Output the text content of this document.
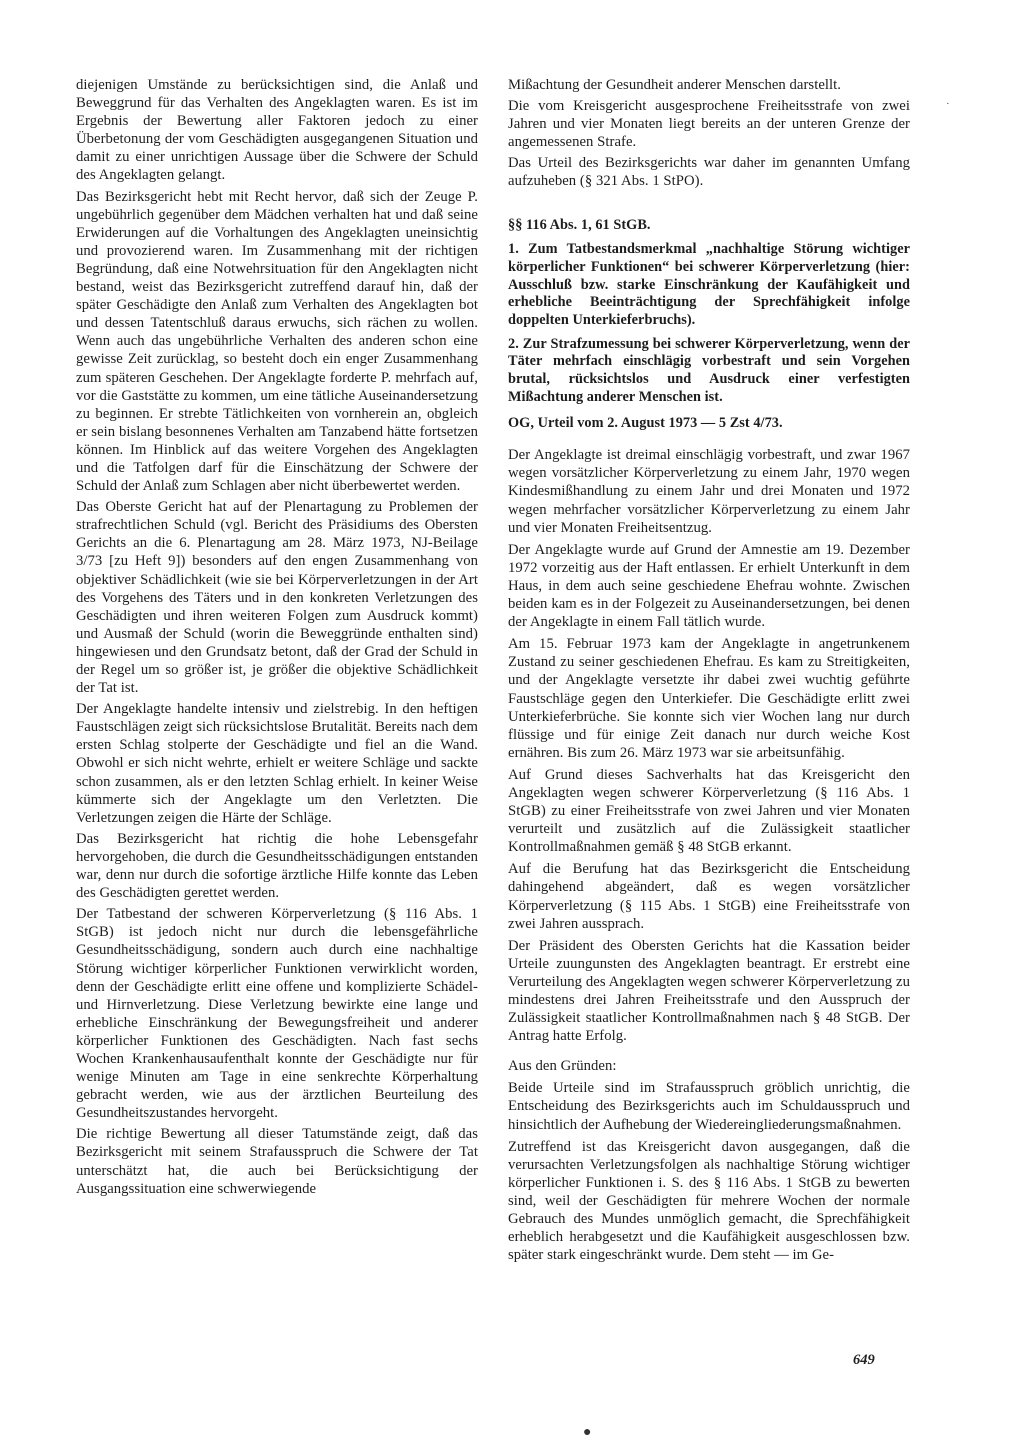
diejenigen Umstände zu berücksichtigen sind, die Anlaß und Beweggrund für das Verhalten des Angeklagten waren. Es ist im Ergebnis der Bewertung aller Faktoren jedoch zu einer Überbetonung der vom Geschädigten ausgegangenen Situation und damit zu einer unrichtigen Aussage über die Schwere der Schuld des Angeklagten gelangt.

Das Bezirksgericht hebt mit Recht hervor, daß sich der Zeuge P. ungebührlich gegenüber dem Mädchen verhalten hat und daß seine Erwiderungen auf die Vorhaltungen des Angeklagten uneinsichtig und provozierend waren. Im Zusammenhang mit der richtigen Begründung, daß eine Notwehrsituation für den Angeklagten nicht bestand, weist das Bezirksgericht zutreffend darauf hin, daß der später Geschädigte den Anlaß zum Verhalten des Angeklagten bot und dessen Tatentschluß daraus erwuchs, sich rächen zu wollen. Wenn auch das ungebührliche Verhalten des anderen schon eine gewisse Zeit zurücklag, so besteht doch ein enger Zusammenhang zum späteren Geschehen. Der Angeklagte forderte P. mehrfach auf, vor die Gaststätte zu kommen, um eine tätliche Auseinandersetzung zu beginnen. Er strebte Tätlichkeiten von vornherein an, obgleich er sein bislang besonnenes Verhalten am Tanzabend hätte fortsetzen können. Im Hinblick auf das weitere Vorgehen des Angeklagten und die Tatfolgen darf für die Einschätzung der Schwere der Schuld der Anlaß zum Schlagen aber nicht überbewertet werden.

Das Oberste Gericht hat auf der Plenartagung zu Problemen der strafrechtlichen Schuld (vgl. Bericht des Präsidiums des Obersten Gerichts an die 6. Plenartagung am 28. März 1973, NJ-Beilage 3/73 [zu Heft 9]) besonders auf den engen Zusammenhang von objektiver Schädlichkeit (wie sie bei Körperverletzungen in der Art des Vorgehens des Täters und in den konkreten Verletzungen des Geschädigten und ihren weiteren Folgen zum Ausdruck kommt) und Ausmaß der Schuld (worin die Beweggründe enthalten sind) hingewiesen und den Grundsatz betont, daß der Grad der Schuld in der Regel um so größer ist, je größer die objektive Schädlichkeit der Tat ist.

Der Angeklagte handelte intensiv und zielstrebig. In den heftigen Faustschlägen zeigt sich rücksichtslose Brutalität. Bereits nach dem ersten Schlag stolperte der Geschädigte und fiel an die Wand. Obwohl er sich nicht wehrte, erhielt er weitere Schläge und sackte schon zusammen, als er den letzten Schlag erhielt. In keiner Weise kümmerte sich der Angeklagte um den Verletzten. Die Verletzungen zeigen die Härte der Schläge.

Das Bezirksgericht hat richtig die hohe Lebensgefahr hervorgehoben, die durch die Gesundheitsschädigungen entstanden war, denn nur durch die sofortige ärztliche Hilfe konnte das Leben des Geschädigten gerettet werden.

Der Tatbestand der schweren Körperverletzung (§ 116 Abs. 1 StGB) ist jedoch nicht nur durch die lebensgefährliche Gesundheitsschädigung, sondern auch durch eine nachhaltige Störung wichtiger körperlicher Funktionen verwirklicht worden, denn der Geschädigte erlitt eine offene und komplizierte Schädel- und Hirnverletzung. Diese Verletzung bewirkte eine lange und erhebliche Einschränkung der Bewegungsfreiheit und anderer körperlicher Funktionen des Geschädigten. Nach fast sechs Wochen Krankenhausaufenthalt konnte der Geschädigte nur für wenige Minuten am Tage in eine senkrechte Körperhaltung gebracht werden, wie aus der ärztlichen Beurteilung des Gesundheitszustandes hervorgeht.

Die richtige Bewertung all dieser Tatumstände zeigt, daß das Bezirksgericht mit seinem Strafausspruch die Schwere der Tat unterschätzt hat, die auch bei Berücksichtigung der Ausgangssituation eine schwerwiegende

Mißachtung der Gesundheit anderer Menschen darstellt.

Die vom Kreisgericht ausgesprochene Freiheitsstrafe von zwei Jahren und vier Monaten liegt bereits an der unteren Grenze der angemessenen Strafe.

Das Urteil des Bezirksgerichts war daher im genannten Umfang aufzuheben (§ 321 Abs. 1 StPO).

§§ 116 Abs. 1, 61 StGB.

1. Zum Tatbestandsmerkmal „nachhaltige Störung wichtiger körperlicher Funktionen“ bei schwerer Körperverletzung (hier: Ausschluß bzw. starke Einschränkung der Kaufähigkeit und erhebliche Beeinträchtigung der Sprechfähigkeit infolge doppelten Unterkieferbruchs).

2. Zur Strafzumessung bei schwerer Körperverletzung, wenn der Täter mehrfach einschlägig vorbestraft und sein Vorgehen brutal, rücksichtslos und Ausdruck einer verfestigten Mißachtung anderer Menschen ist.

OG, Urteil vom 2. August 1973 — 5 Zst 4/73.

Der Angeklagte ist dreimal einschlägig vorbestraft, und zwar 1967 wegen vorsätzlicher Körperverletzung zu einem Jahr, 1970 wegen Kindesmißhandlung zu einem Jahr und drei Monaten und 1972 wegen mehrfacher vorsätzlicher Körperverletzung zu einem Jahr und vier Monaten Freiheitsentzug.

Der Angeklagte wurde auf Grund der Amnestie am 19. Dezember 1972 vorzeitig aus der Haft entlassen. Er erhielt Unterkunft in dem Haus, in dem auch seine geschiedene Ehefrau wohnte. Zwischen beiden kam es in der Folgezeit zu Auseinandersetzungen, bei denen der Angeklagte in einem Fall tätlich wurde.

Am 15. Februar 1973 kam der Angeklagte in angetrunkenem Zustand zu seiner geschiedenen Ehefrau. Es kam zu Streitigkeiten, und der Angeklagte versetzte ihr dabei zwei wuchtig geführte Faustschläge gegen den Unterkiefer. Die Geschädigte erlitt zwei Unterkieferbrüche. Sie konnte sich vier Wochen lang nur durch flüssige und für einige Zeit danach nur durch weiche Kost ernähren. Bis zum 26. März 1973 war sie arbeitsunfähig.

Auf Grund dieses Sachverhalts hat das Kreisgericht den Angeklagten wegen schwerer Körperverletzung (§ 116 Abs. 1 StGB) zu einer Freiheitsstrafe von zwei Jahren und vier Monaten verurteilt und zusätzlich auf die Zulässigkeit staatlicher Kontrollmaßnahmen gemäß § 48 StGB erkannt.

Auf die Berufung hat das Bezirksgericht die Entscheidung dahingehend abgeändert, daß es wegen vorsätzlicher Körperverletzung (§ 115 Abs. 1 StGB) eine Freiheitsstrafe von zwei Jahren aussprach.

Der Präsident des Obersten Gerichts hat die Kassation beider Urteile zuungunsten des Angeklagten beantragt. Er erstrebt eine Verurteilung des Angeklagten wegen schwerer Körperverletzung zu mindestens drei Jahren Freiheitsstrafe und den Ausspruch der Zulässigkeit staatlicher Kontrollmaßnahmen nach § 48 StGB. Der Antrag hatte Erfolg.

Aus den Gründen:

Beide Urteile sind im Strafausspruch gröblich unrichtig, die Entscheidung des Bezirksgerichts auch im Schuldausspruch und hinsichtlich der Aufhebung der Wiedereingliederungsmaßnahmen.

Zutreffend ist das Kreisgericht davon ausgegangen, daß die verursachten Verletzungsfolgen als nachhaltige Störung wichtiger körperlicher Funktionen i. S. des § 116 Abs. 1 StGB zu bewerten sind, weil der Geschädigten für mehrere Wochen der normale Gebrauch des Mundes unmöglich gemacht, die Sprechfähigkeit erheblich herabgesetzt und die Kaufähigkeit ausgeschlossen bzw. später stark eingeschränkt wurde. Dem steht — im Ge-

649
·
●
